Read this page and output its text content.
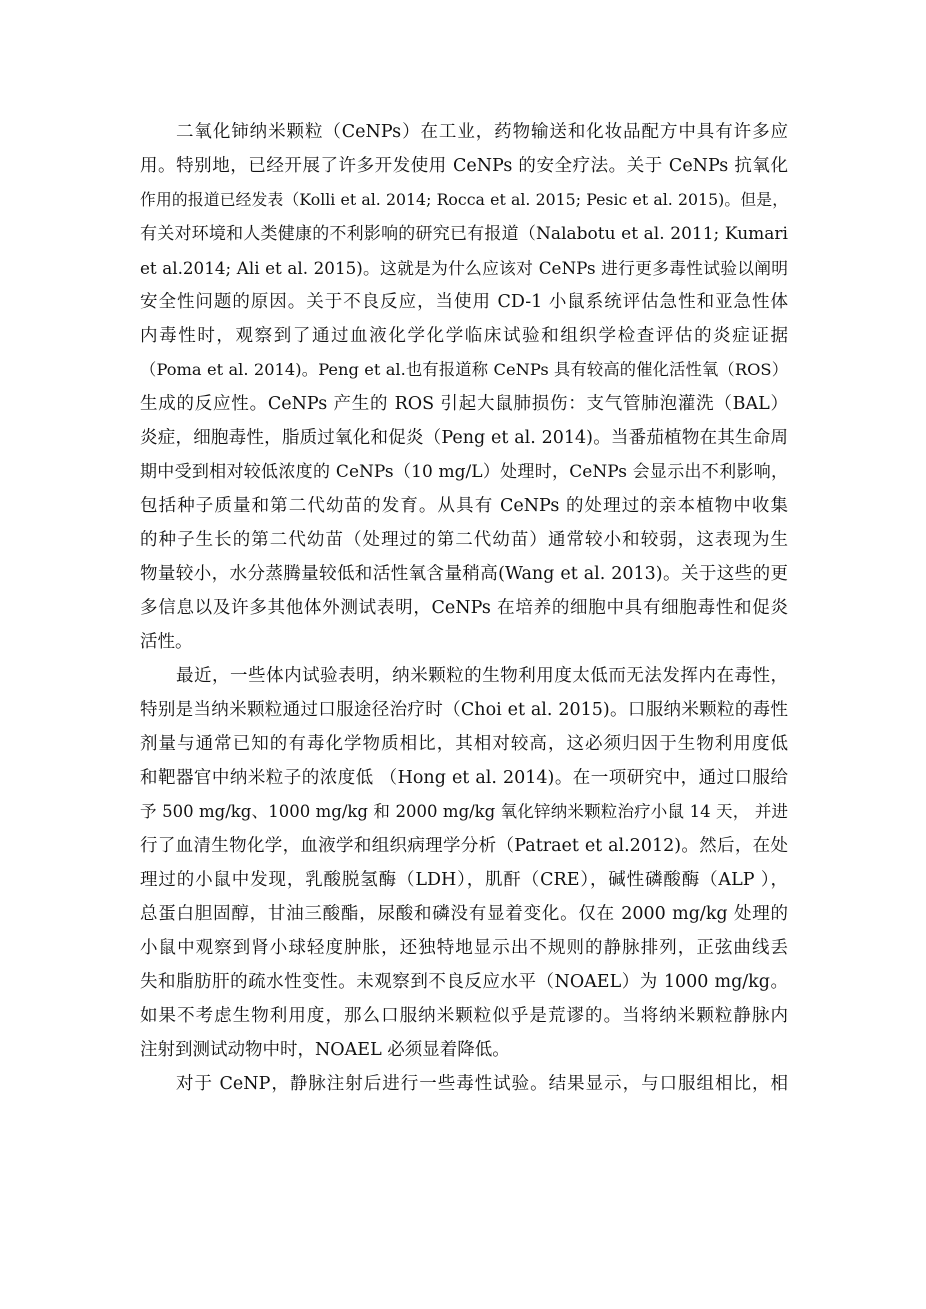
二氧化铈纳米颗粒（CeNPs）在工业，药物输送和化妆品配方中具有许多应
用。特别地，已经开展了许多开发使用 CeNPs 的安全疗法。关于 CeNPs 抗氧化
作用的报道已经发表（Kolli et al. 2014; Rocca et al. 2015; Pesic et al. 2015)。但是，
有关对环境和人类健康的不利影响的研究已有报道（Nalabotu et al. 2011; Kumari
et al.2014; Ali et al. 2015)。这就是为什么应该对 CeNPs 进行更多毒性试验以阐明
安全性问题的原因。关于不良反应，当使用 CD-1 小鼠系统评估急性和亚急性体
内毒性时，观察到了通过血液化学化学临床试验和组织学检查评估的炎症证据
（Poma et al. 2014)。Peng et al.也有报道称 CeNPs 具有较高的催化活性氧（ROS）
生成的反应性。CeNPs 产生的 ROS 引起大鼠肺损伤：支气管肺泡灌洗（BAL）
炎症，细胞毒性，脂质过氧化和促炎（Peng et al. 2014)。当番茄植物在其生命周
期中受到相对较低浓度的 CeNPs（10 mg/L）处理时，CeNPs 会显示出不利影响，
包括种子质量和第二代幼苗的发育。从具有 CeNPs 的处理过的亲本植物中收集
的种子生长的第二代幼苗（处理过的第二代幼苗）通常较小和较弱，这表现为生
物量较小，水分蒸腾量较低和活性氧含量稍高(Wang et al. 2013)。关于这些的更
多信息以及许多其他体外测试表明，CeNPs 在培养的细胞中具有细胞毒性和促炎
活性。
最近，一些体内试验表明，纳米颗粒的生物利用度太低而无法发挥内在毒性，
特别是当纳米颗粒通过口服途径治疗时（Choi et al. 2015)。口服纳米颗粒的毒性
剂量与通常已知的有毒化学物质相比，其相对较高，这必须归因于生物利用度低
和靶器官中纳米粒子的浓度低 （Hong et al. 2014)。在一项研究中，通过口服给
予 500 mg/kg、1000 mg/kg 和 2000 mg/kg 氧化锌纳米颗粒治疗小鼠 14 天， 并进
行了血清生物化学，血液学和组织病理学分析（Patraet et al.2012)。然后，在处
理过的小鼠中发现，乳酸脱氢酶（LDH），肌酐（CRE），碱性磷酸酶（ALP ），
总蛋白胆固醇，甘油三酸酯，尿酸和磷没有显着变化。仅在 2000 mg/kg 处理的
小鼠中观察到肾小球轻度肿胀，还独特地显示出不规则的静脉排列，正弦曲线丢
失和脂肪肝的疏水性变性。未观察到不良反应水平（NOAEL）为 1000 mg/kg。
如果不考虑生物利用度，那么口服纳米颗粒似乎是荒谬的。当将纳米颗粒静脉内
注射到测试动物中时，NOAEL 必须显着降低。
对于 CeNP，静脉注射后进行一些毒性试验。结果显示，与口服组相比，相
